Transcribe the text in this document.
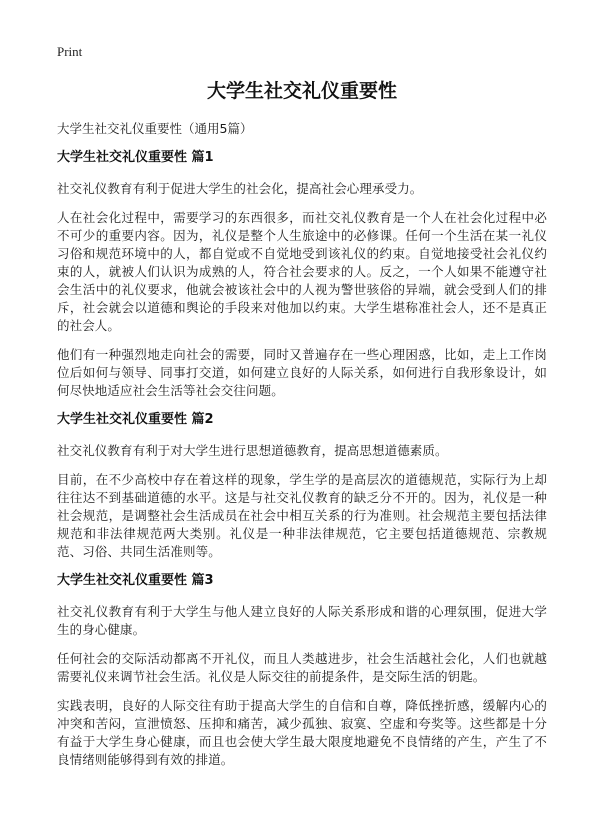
Print
大学生社交礼仪重要性

大学生社交礼仪重要性（通用5篇）

大学生社交礼仪重要性 篇1

社交礼仪教育有利于促进大学生的社会化，提高社会心理承受力。

人在社会化过程中，需要学习的东西很多，而社交礼仪教育是一个人在社会化过程中必不可少的重要内容。因为，礼仪是整个人生旅途中的必修课。任何一个生活在某一礼仪习俗和规范环境中的人，都自觉或不自觉地受到该礼仪的约束。自觉地接受社会礼仪约束的人，就被人们认识为成熟的人，符合社会要求的人。反之，一个人如果不能遵守社会生活中的礼仪要求，他就会被该社会中的人视为警世骇俗的异端，就会受到人们的排斥，社会就会以道德和舆论的手段来对他加以约束。大学生堪称准社会人，还不是真正的社会人。

他们有一种强烈地走向社会的需要，同时又普遍存在一些心理困惑，比如，走上工作岗位后如何与领导、同事打交道，如何建立良好的人际关系，如何进行自我形象设计，如何尽快地适应社会生活等社会交往问题。

大学生社交礼仪重要性 篇2

社交礼仪教育有利于对大学生进行思想道德教育，提高思想道德素质。

目前，在不少高校中存在着这样的现象，学生学的是高层次的道德规范，实际行为上却往往达不到基础道德的水平。这是与社交礼仪教育的缺乏分不开的。因为，礼仪是一种社会规范，是调整社会生活成员在社会中相互关系的行为准则。社会规范主要包括法律规范和非法律规范两大类别。礼仪是一种非法律规范，它主要包括道德规范、宗教规范、习俗、共同生活准则等。

大学生社交礼仪重要性 篇3

社交礼仪教育有利于大学生与他人建立良好的人际关系形成和谐的心理氛围，促进大学生的身心健康。

任何社会的交际活动都离不开礼仪，而且人类越进步，社会生活越社会化，人们也就越需要礼仪来调节社会生活。礼仪是人际交往的前提条件，是交际生活的钥匙。

实践表明，良好的人际交往有助于提高大学生的自信和自尊，降低挫折感，缓解内心的冲突和苦闷，宣泄愤怒、压抑和痛苦，减少孤独、寂寞、空虚和夸奖等。这些都是十分有益于大学生身心健康，而且也会使大学生最大限度地避免不良情绪的产生，产生了不良情绪则能够得到有效的排道。
